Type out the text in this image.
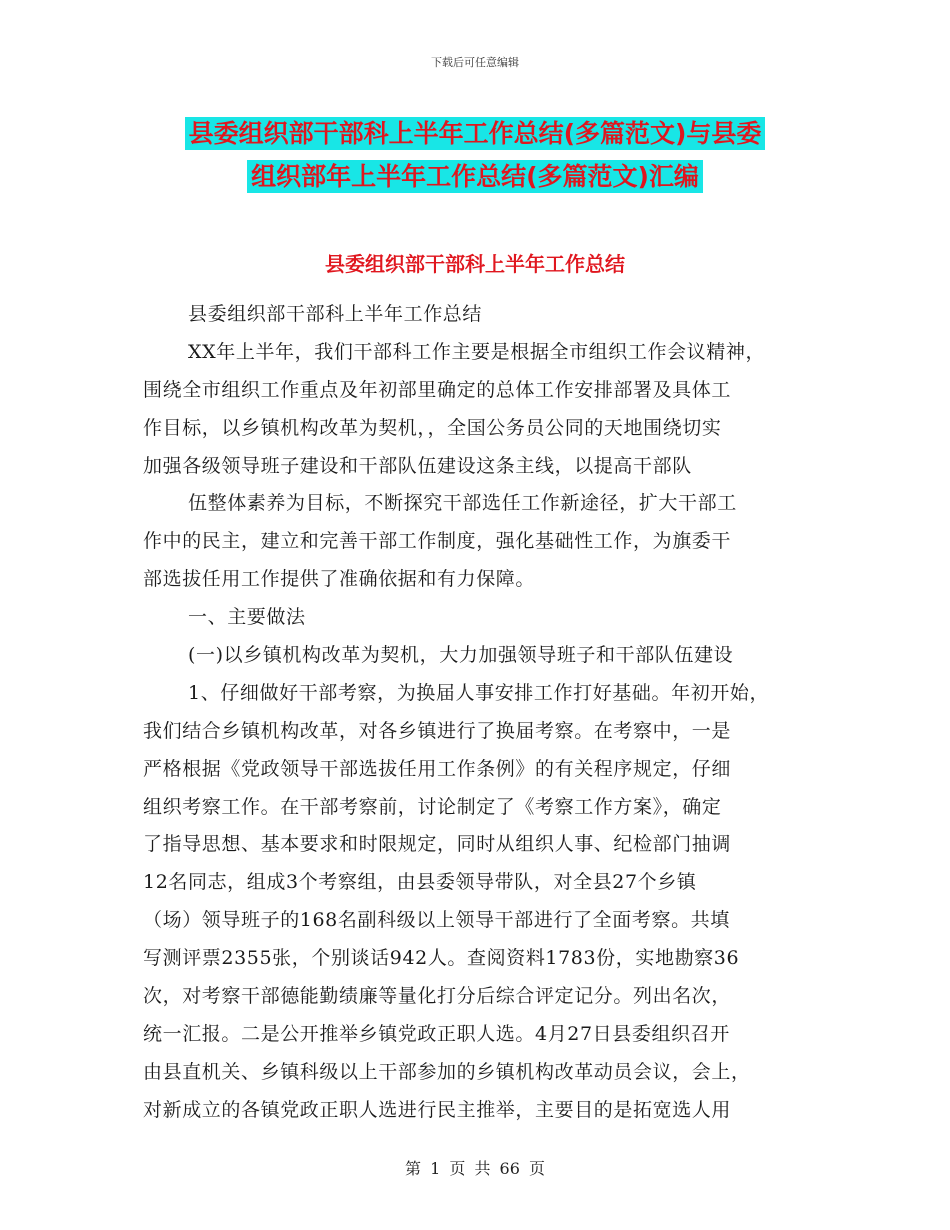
下载后可任意编辑
县委组织部干部科上半年工作总结(多篇范文)与县委
组织部年上半年工作总结(多篇范文)汇编
县委组织部干部科上半年工作总结
县委组织部干部科上半年工作总结
XX年上半年，我们干部科工作主要是根据全市组织工作会议精神，
围绕全市组织工作重点及年初部里确定的总体工作安排部署及具体工
作目标，以乡镇机构改革为契机，，全国公务员公同的天地围绕切实
加强各级领导班子建设和干部队伍建设这条主线，以提高干部队
伍整体素养为目标，不断探究干部选任工作新途径，扩大干部工
作中的民主，建立和完善干部工作制度，强化基础性工作，为旗委干
部选拔任用工作提供了准确依据和有力保障。
一、主要做法
(一)以乡镇机构改革为契机，大力加强领导班子和干部队伍建设
1、仔细做好干部考察，为换届人事安排工作打好基础。年初开始，
我们结合乡镇机构改革，对各乡镇进行了换届考察。在考察中，一是
严格根据《党政领导干部选拔任用工作条例》的有关程序规定，仔细
组织考察工作。在干部考察前，讨论制定了《考察工作方案》，确定
了指导思想、基本要求和时限规定，同时从组织人事、纪检部门抽调
12名同志，组成3个考察组，由县委领导带队，对全县27个乡镇
（场）领导班子的168名副科级以上领导干部进行了全面考察。共填
写测评票2355张，个别谈话942人。查阅资料1783份，实地勘察36
次，对考察干部德能勤绩廉等量化打分后综合评定记分。列出名次，
统一汇报。二是公开推举乡镇党政正职人选。4月27日县委组织召开
由县直机关、乡镇科级以上干部参加的乡镇机构改革动员会议，会上，
对新成立的各镇党政正职人选进行民主推举，主要目的是拓宽选人用
第 1 页 共 66 页
